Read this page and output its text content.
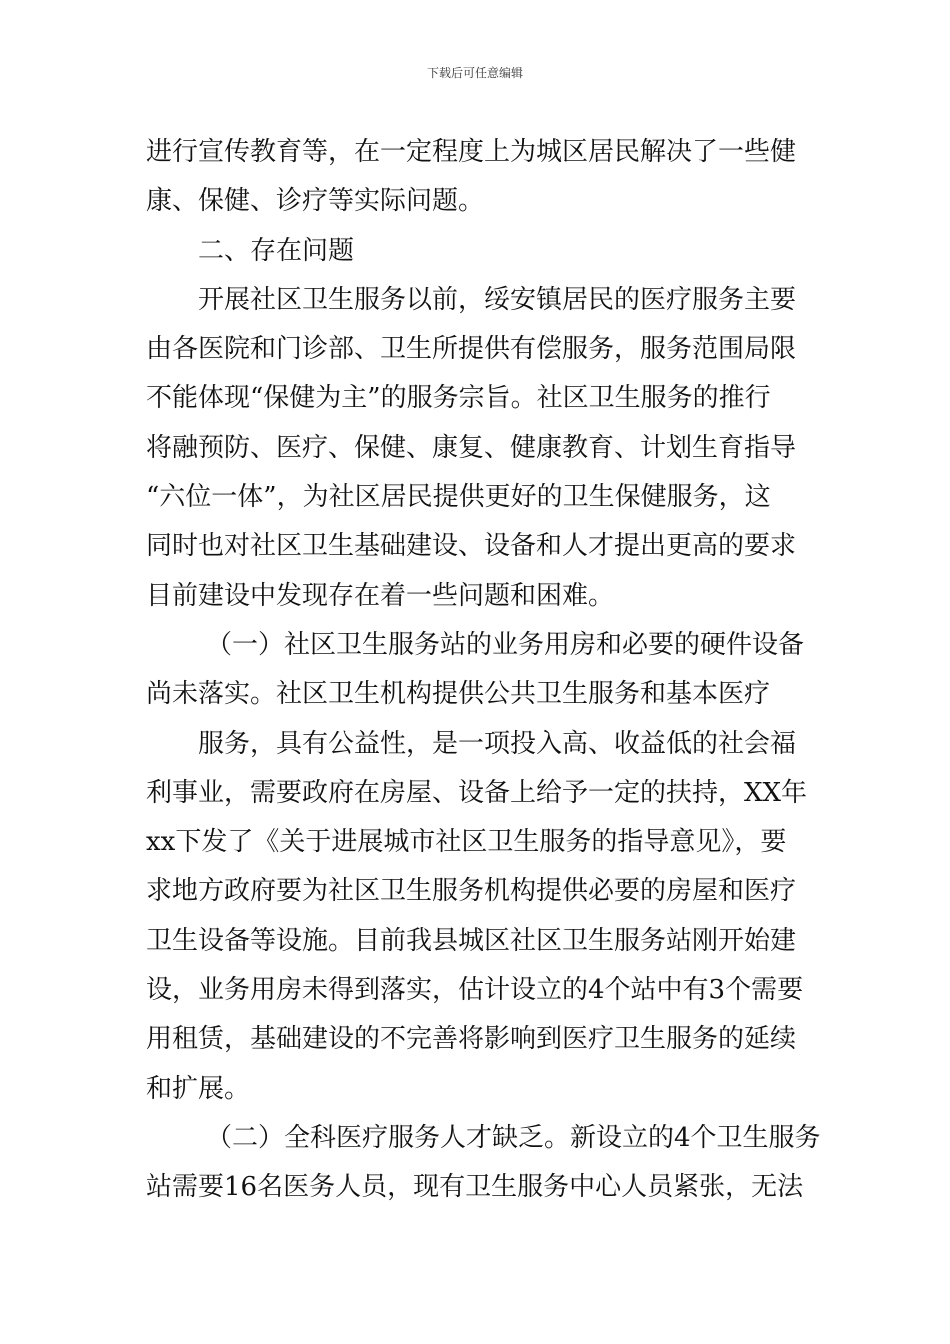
下载后可任意编辑
进行宣传教育等，在一定程度上为城区居民解决了一些健
康、保健、诊疗等实际问题。
二、存在问题
开展社区卫生服务以前，绥安镇居民的医疗服务主要
由各医院和门诊部、卫生所提供有偿服务，服务范围局限
不能体现“保健为主”的服务宗旨。社区卫生服务的推行
将融预防、医疗、保健、康复、健康教育、计划生育指导
“六位一体”，为社区居民提供更好的卫生保健服务，这
同时也对社区卫生基础建设、设备和人才提出更高的要求
目前建设中发现存在着一些问题和困难。
（一）社区卫生服务站的业务用房和必要的硬件设备
尚未落实。社区卫生机构提供公共卫生服务和基本医疗
服务，具有公益性，是一项投入高、收益低的社会福
利事业，需要政府在房屋、设备上给予一定的扶持，XX年
xx下发了《关于进展城市社区卫生服务的指导意见》，要
求地方政府要为社区卫生服务机构提供必要的房屋和医疗
卫生设备等设施。目前我县城区社区卫生服务站刚开始建
设，业务用房未得到落实，估计设立的4个站中有3个需要
用租赁，基础建设的不完善将影响到医疗卫生服务的延续
和扩展。
（二）全科医疗服务人才缺乏。新设立的4个卫生服务
站需要16名医务人员，现有卫生服务中心人员紧张，无法
